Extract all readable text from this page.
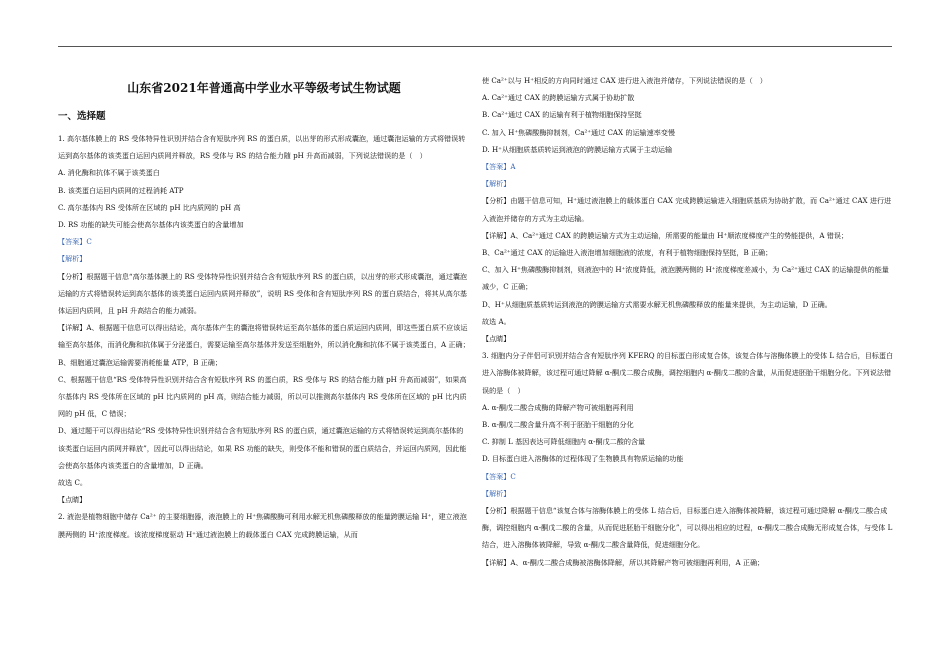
山东省2021年普通高中学业水平等级考试生物试题
一、选择题

1. 高尔基体膜上的 RS 受体特异性识别并结合含有短肽序列 RS 的蛋白质，以出芽的形式形成囊泡，通过囊泡运输的方式将错误转运到高尔基体的该类蛋白运回内质网并释放，RS 受体与 RS 的结合能力随 pH 升高而减弱，下列说法错误的是（　）

A. 消化酶和抗体不属于该类蛋白

B. 该类蛋白运回内质网的过程消耗 ATP

C. 高尔基体内 RS 受体所在区域的 pH 比内质网的 pH 高

D. RS 功能的缺失可能会使高尔基体内该类蛋白的含量增加

【答案】C

【解析】

【分析】根据题干信息“高尔基体膜上的 RS 受体特异性识别并结合含有短肽序列 RS 的蛋白质，以出芽的形式形成囊泡，通过囊泡运输的方式将错误转运到高尔基体的该类蛋白运回内质网并释放”，说明 RS 受体和含有短肽序列 RS 的蛋白质结合，将其从高尔基体运回内质网，且 pH 升高结合的能力减弱。

【详解】A、根据题干信息可以得出结论，高尔基体产生的囊泡将错误转运至高尔基体的蛋白质运回内质网，即这些蛋白质不应该运输至高尔基体，而消化酶和抗体属于分泌蛋白，需要运输至高尔基体并发送至细胞外，所以消化酶和抗体不属于该类蛋白，A 正确；

B、细胞通过囊泡运输需要消耗能量 ATP，B 正确；

C、根据题干信息“RS 受体特异性识别并结合含有短肽序列 RS 的蛋白质，RS 受体与 RS 的结合能力随 pH 升高而减弱”，如果高尔基体内 RS 受体所在区域的 pH 比内质网的 pH 高，则结合能力减弱，所以可以推测高尔基体内 RS 受体所在区域的 pH 比内质网的 pH 低，C 错误；

D、通过题干可以得出结论“RS 受体特异性识别并结合含有短肽序列 RS 的蛋白质，通过囊泡运输的方式将错误转运到高尔基体的该类蛋白运回内质网并释放”，因此可以得出结论，如果 RS 功能的缺失，则受体不能和错误的蛋白质结合，并运回内质网，因此能会使高尔基体内该类蛋白的含量增加，D 正确。

故选 C。

【点睛】

2. 液泡是植物细胞中储存 Ca²⁺ 的主要细胞器，液泡膜上的 H⁺焦磷酸酶可利用水解无机焦磷酸释放的能量跨膜运输 H⁺，建立液泡膜两侧的 H⁺浓度梯度。该浓度梯度驱动 H⁺通过液泡膜上的载体蛋白 CAX 完成跨膜运输，从而

使 Ca²⁺以与 H⁺相反的方向同时通过 CAX 进行进入液泡并储存，下列说法错误的是（　）

A. Ca²⁺通过 CAX 的跨膜运输方式属于协助扩散

B. Ca²⁺通过 CAX 的运输有利于植物细胞保持坚挺

C. 加入 H⁺焦磷酸酶抑制剂，Ca²⁺通过 CAX 的运输速率变慢

D. H⁺从细胞质基质转运到液泡的跨膜运输方式属于主动运输

【答案】A

【解析】

【分析】由题干信息可知，H⁺通过液泡膜上的载体蛋白 CAX 完成跨膜运输进入细胞质基质为协助扩散，而 Ca²⁺通过 CAX 进行进入液泡并储存的方式为主动运输。

【详解】A、Ca²⁺通过 CAX 的跨膜运输方式为主动运输，所需要的能量由 H⁺顺浓度梯度产生的势能提供，A 错误；

B、Ca²⁺通过 CAX 的运输进入液泡增加细胞液的浓度，有利于植物细胞保持坚挺，B 正确；

C、加入 H⁺焦磷酸酶抑制剂，则液泡中的 H⁺浓度降低，液泡膜两侧的 H⁺浓度梯度差减小，为 Ca²⁺通过 CAX 的运输提供的能量减少，C 正确；

D、H⁺从细胞质基质转运到液泡的跨膜运输方式需要水解无机焦磷酸释放的能量来提供，为主动运输，D 正确。

故选 A。

【点睛】

3. 细胞内分子伴侣可识别并结合含有短肽序列 KFERQ 的目标蛋白形成复合体，该复合体与溶酶体膜上的受体 L 结合后，目标蛋白进入溶酶体被降解，该过程可通过降解 α-酮戊二酸合成酶，调控细胞内 α-酮戊二酸的含量，从而促进胚胎干细胞分化。下列说法错误的是（　）

A. α-酮戊二酸合成酶的降解产物可被细胞再利用

B. α-酮戊二酸含量升高不利于胚胎干细胞的分化

C. 抑制 L 基因表达可降低细胞内 α-酮戊二酸的含量

D. 目标蛋白进入溶酶体的过程体现了生物膜具有物质运输的功能

【答案】C

【解析】

【分析】根据题干信息“该复合体与溶酶体膜上的受体 L 结合后，目标蛋白进入溶酶体被降解，该过程可通过降解 α-酮戊二酸合成酶，调控细胞内 α-酮戊二酸的含量，从而促进胚胎干细胞分化”，可以得出相应的过程，α-酮戊二酸合成酶无形成复合体，与受体 L 结合，进入溶酶体被降解，导致 α-酮戊二酸含量降低，促进细胞分化。

【详解】A、α-酮戊二酸合成酶被溶酶体降解，所以其降解产物可被细胞再利用，A 正确；
